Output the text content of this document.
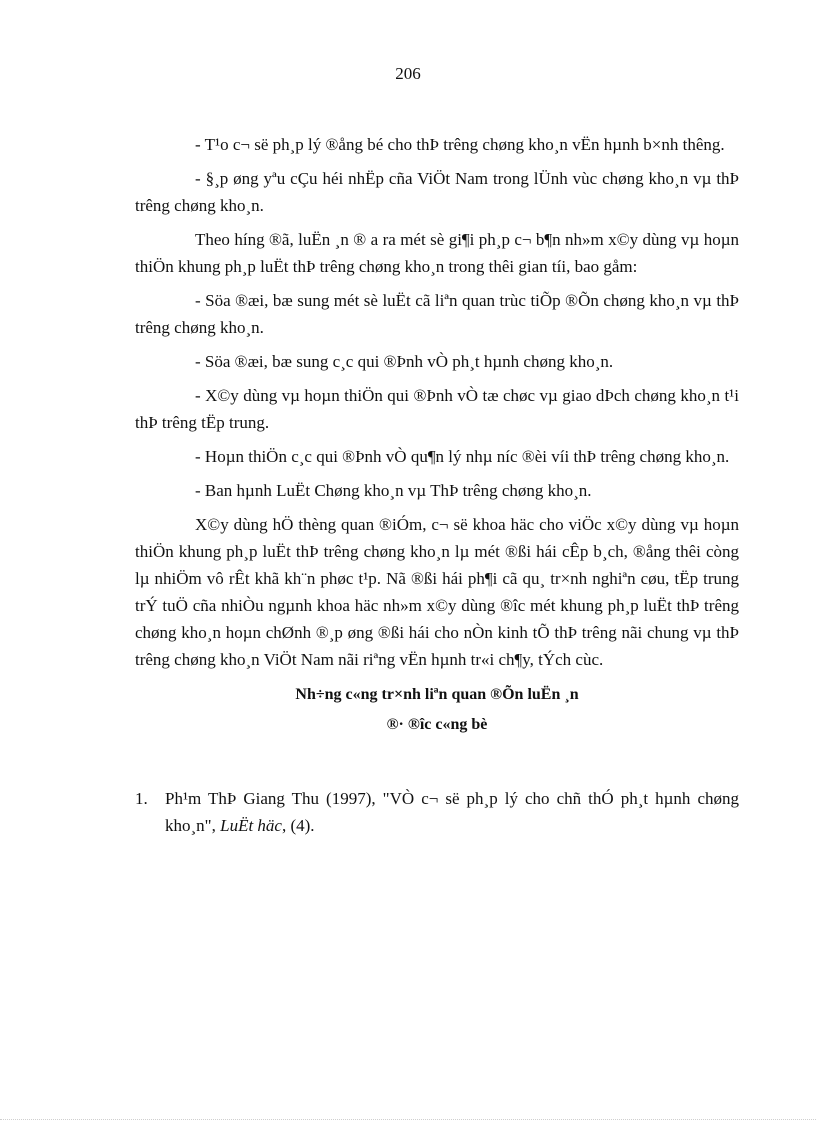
206

- T¹o c¬ së ph¸p lý ®ång bé cho thÞ trêng chøng kho¸n vËn hµnh b×nh thêng.

- §¸p øng yªu cÇu héi nhËp cña ViÖt Nam trong lÜnh vùc chøng kho¸n vµ thÞ trêng chøng kho¸n.

Theo híng ®ã, luËn ¸n ® a ra mét sè gi¶i ph¸p c¬ b¶n nh»m x©y dùng vµ hoµn thiÖn khung ph¸p luËt thÞ trêng chøng kho¸n trong thêi gian tíi, bao gåm:

- Söa ®æi, bæ sung mét sè luËt cã liªn quan trùc tiÕp ®Õn chøng kho¸n vµ thÞ trêng chøng kho¸n.

- Söa ®æi, bæ sung c¸c qui ®Þnh vÒ ph¸t hµnh chøng kho¸n.

- X©y dùng vµ hoµn thiÖn qui ®Þnh vÒ tæ chøc vµ giao dÞch chøng kho¸n t¹i thÞ trêng tËp trung.

- Hoµn thiÖn c¸c qui ®Þnh vÒ qu¶n lý nhµ níc ®èi víi thÞ trêng chøng kho¸n.

- Ban hµnh LuËt Chøng kho¸n vµ ThÞ trêng chøng kho¸n.

X©y dùng hÖ thèng quan ®iÓm, c¬ së khoa häc cho viÖc x©y dùng vµ hoµn thiÖn khung ph¸p luËt thÞ trêng chøng kho¸n lµ mét ®ßi hái cÊp b¸ch, ®ång thêi còng lµ nhiÖm vô rÊt khã kh¨n phøc t¹p. Nã ®ßi hái ph¶i cã qu¸ tr×nh nghiªn cøu, tËp trung trÝ tuÖ cña nhiÒu ngµnh khoa häc nh»m x©y dùng ®îc mét khung ph¸p luËt thÞ trêng chøng kho¸n hoµn chØnh ®¸p øng ®ßi hái cho nÒn kinh tÕ thÞ trêng nãi chung vµ thÞ trêng chøng kho¸n ViÖt Nam nãi riªng vËn hµnh tr«i ch¶y, tÝch cùc.

Nh÷ng c«ng tr×nh liªn quan ®Õn luËn ¸n
®· ®îc c«ng bè
1.	Ph¹m ThÞ Giang Thu (1997), "VÒ c¬ së ph¸p lý cho chñ thÓ ph¸t hµnh chøng kho¸n", LuËt häc, (4).
